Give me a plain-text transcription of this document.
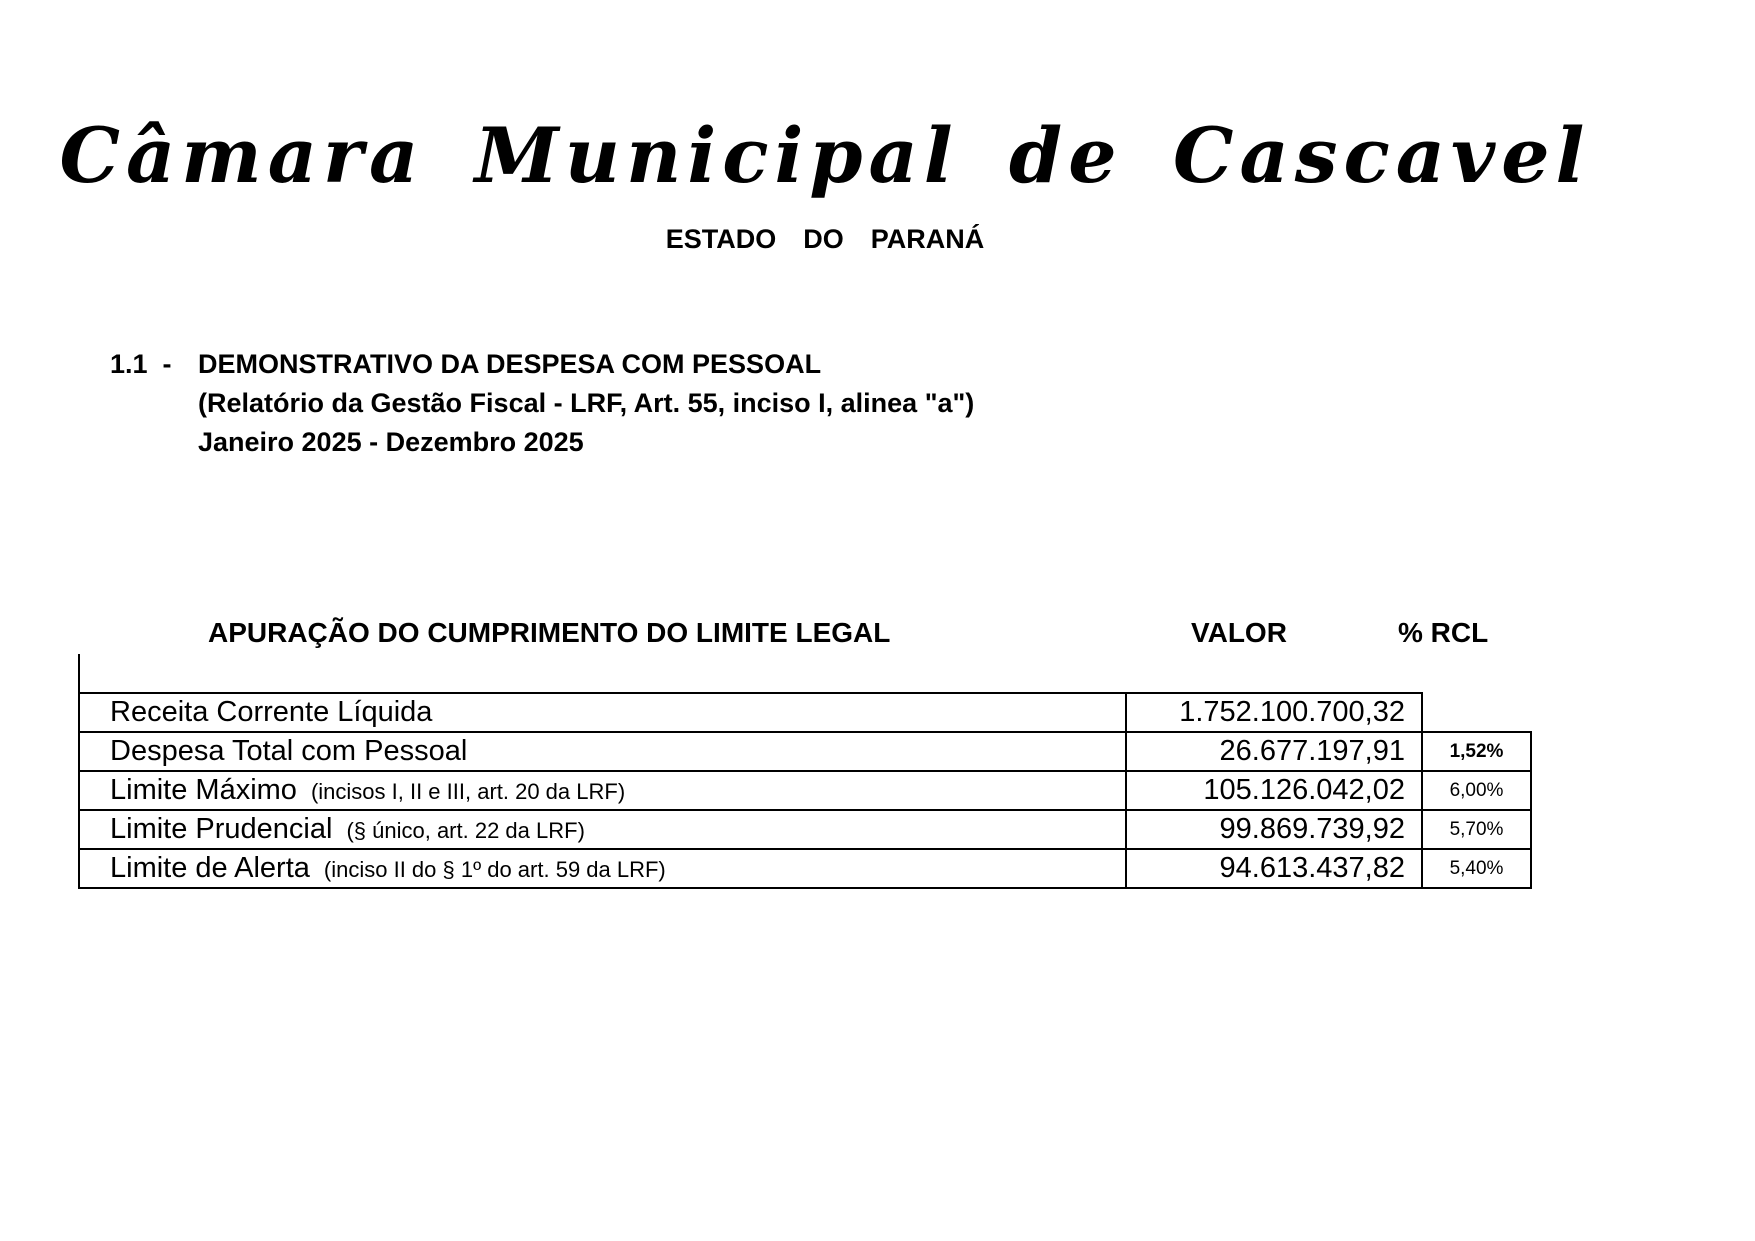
Câmara Municipal de Cascavel
ESTADO  DO  PARANÁ
1.1  - DEMONSTRATIVO DA DESPESA COM PESSOAL
(Relatório da Gestão Fiscal - LRF, Art. 55, inciso I, alinea "a")
Janeiro 2025 - Dezembro 2025
APURAÇÃO DO CUMPRIMENTO DO LIMITE LEGAL	VALOR	% RCL
Receita Corrente Líquida	1.752.100.700,32	
Despesa Total com Pessoal	26.677.197,91	1,52%
Limite Máximo (incisos I, II e III, art. 20 da LRF)	105.126.042,02	6,00%
Limite Prudencial (§ único, art. 22 da LRF)	99.869.739,92	5,70%
Limite de Alerta (inciso II do § 1º do art. 59 da LRF)	94.613.437,82	5,40%
